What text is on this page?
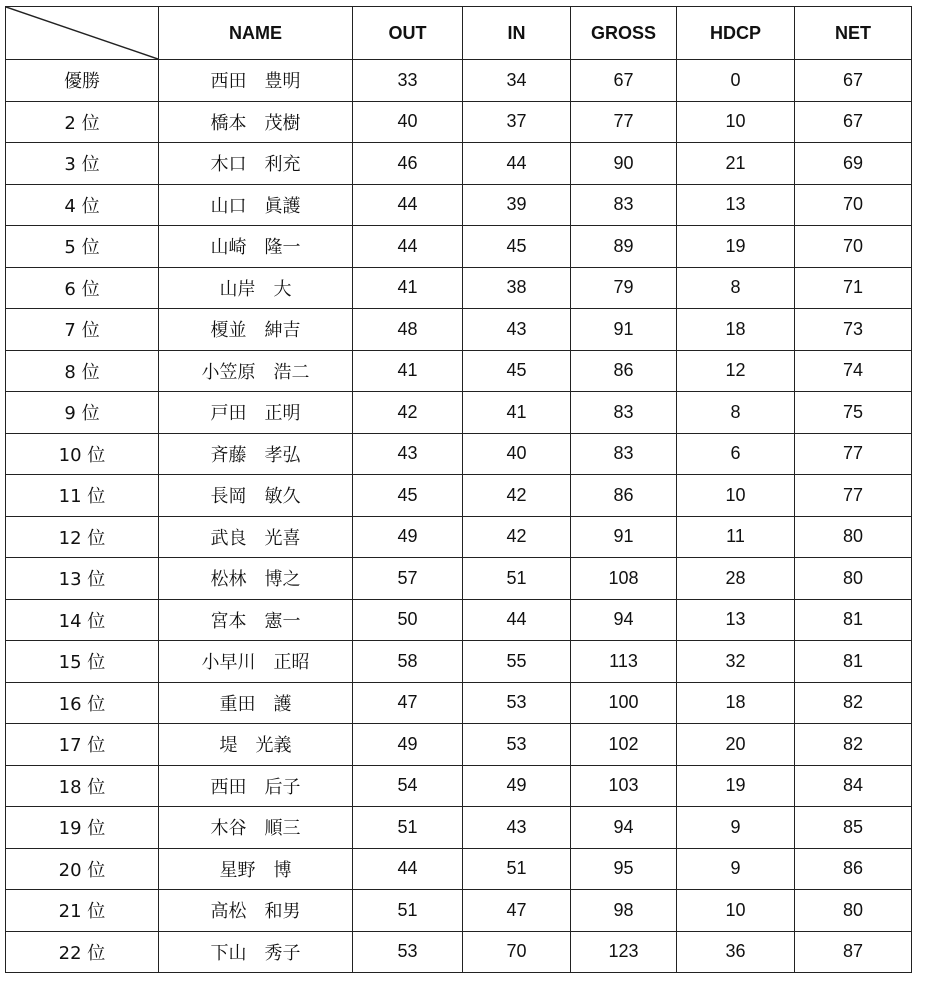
	NAME	OUT	IN	GROSS	HDCP	NET
優勝	西田　豊明	33	34	67	0	67
2 位	橋本　茂樹	40	37	77	10	67
3 位	木口　利充	46	44	90	21	69
4 位	山口　眞護	44	39	83	13	70
5 位	山崎　隆一	44	45	89	19	70
6 位	山岸　大	41	38	79	8	71
7 位	榎並　紳吉	48	43	91	18	73
8 位	小笠原　浩二	41	45	86	12	74
9 位	戸田　正明	42	41	83	8	75
10 位	斉藤　孝弘	43	40	83	6	77
11 位	長岡　敏久	45	42	86	10	77
12 位	武良　光喜	49	42	91	11	80
13 位	松林　博之	57	51	108	28	80
14 位	宮本　憲一	50	44	94	13	81
15 位	小早川　正昭	58	55	113	32	81
16 位	重田　護	47	53	100	18	82
17 位	堤　光義	49	53	102	20	82
18 位	西田　后子	54	49	103	19	84
19 位	木谷　順三	51	43	94	9	85
20 位	星野　博	44	51	95	9	86
21 位	高松　和男	51	47	98	10	80
22 位	下山　秀子	53	70	123	36	87
